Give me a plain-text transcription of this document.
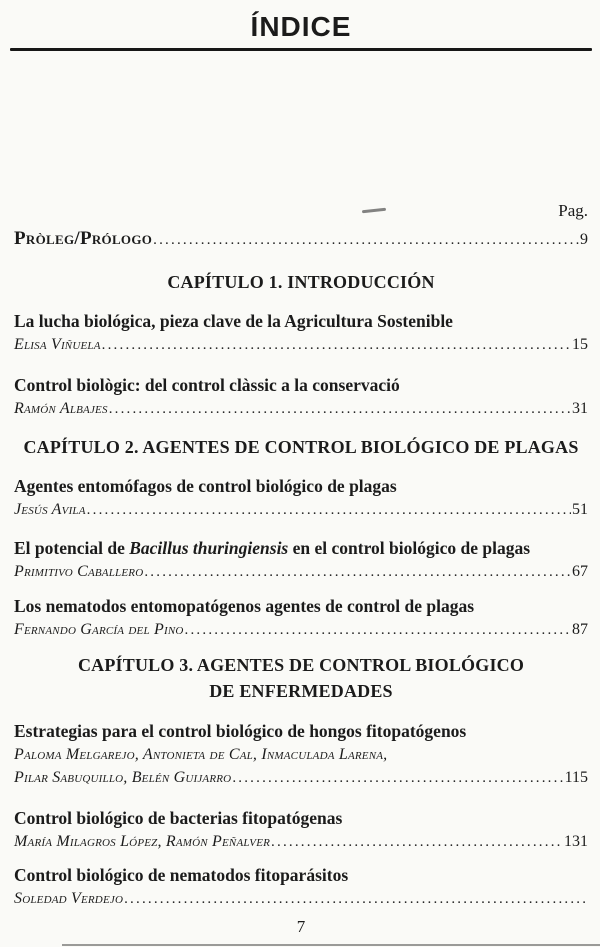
ÍNDICE
Pag.
Pròleg/Prólogo .....	9
CAPÍTULO 1. INTRODUCCIÓN
La lucha biológica, pieza clave de la Agricultura Sostenible
Elisa Viñuela .....	15
Control biològic: del control clàssic a la conservació
Ramón Albajes .....	31
CAPÍTULO 2. AGENTES DE CONTROL BIOLÓGICO DE PLAGAS
Agentes entomófagos de control biológico de plagas
Jesús Avila .....	51
El potencial de Bacillus thuringiensis en el control biológico de plagas
Primitivo Caballero .....	67
Los nematodos entomopatógenos agentes de control de plagas
Fernando García del Pino .....	87
CAPÍTULO 3. AGENTES DE CONTROL BIOLÓGICO
DE ENFERMEDADES
Estrategias para el control biológico de hongos fitopatógenos
Paloma Melgarejo, Antonieta de Cal, Inmaculada Larena,
Pilar Sabuquillo, Belén Guijarro .....	115
Control biológico de bacterias fitopatógenas
María Milagros López, Ramón Peñalver .....	131
Control biológico de nematodos fitoparásitos
Soledad Verdejo
.....
7
